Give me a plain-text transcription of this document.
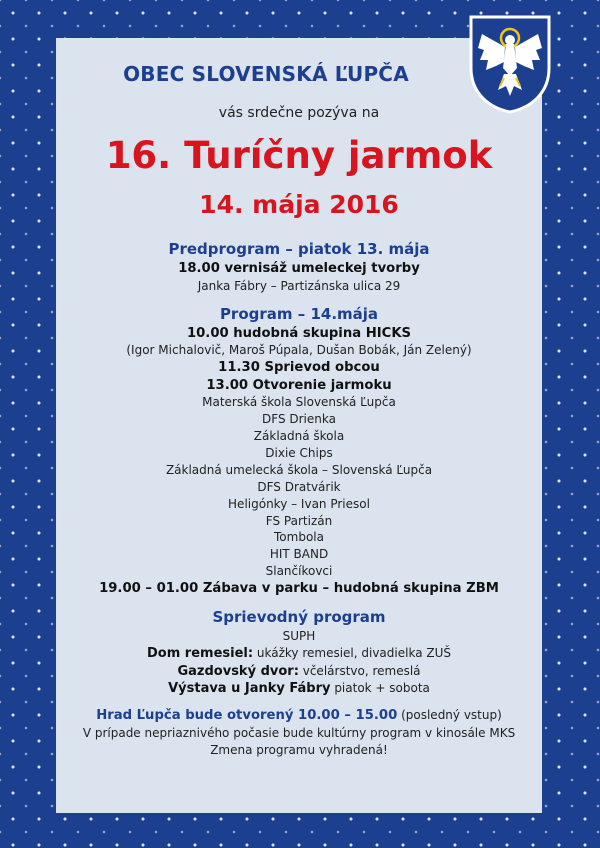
OBEC SLOVENSKÁ ĽUPČA
vás srdečne pozýva na
16. Turíčny jarmok
14. mája 2016
Predprogram – piatok 13. mája
18.00 vernisáž umeleckej tvorby
Janka Fábry – Partizánska ulica 29
Program – 14.mája
10.00 hudobná skupina HICKS
(Igor Michalovič, Maroš Púpala, Dušan Bobák, Ján Zelený)
11.30 Sprievod obcou
13.00 Otvorenie jarmoku
Materská škola Slovenská Ľupča
DFS Drienka
Základná škola
Dixie Chips
Základná umelecká škola – Slovenská Ľupča
DFS Dratvárik
Heligónky – Ivan Priesol
FS Partizán
Tombola
HIT BAND
Slančíkovci
19.00 – 01.00 Zábava v parku – hudobná skupina ZBM
Sprievodný program
SUPH
Dom remesiel: ukážky remesiel, divadielka ZUŠ
Gazdovský dvor: včelárstvo, remeslá
Výstava u Janky Fábry piatok + sobota
Hrad Ľupča bude otvorený 10.00 – 15.00 (posledný vstup)
V prípade nepriaznivého počasie bude kultúrny program v kinosále MKS
Zmena programu vyhradená!
